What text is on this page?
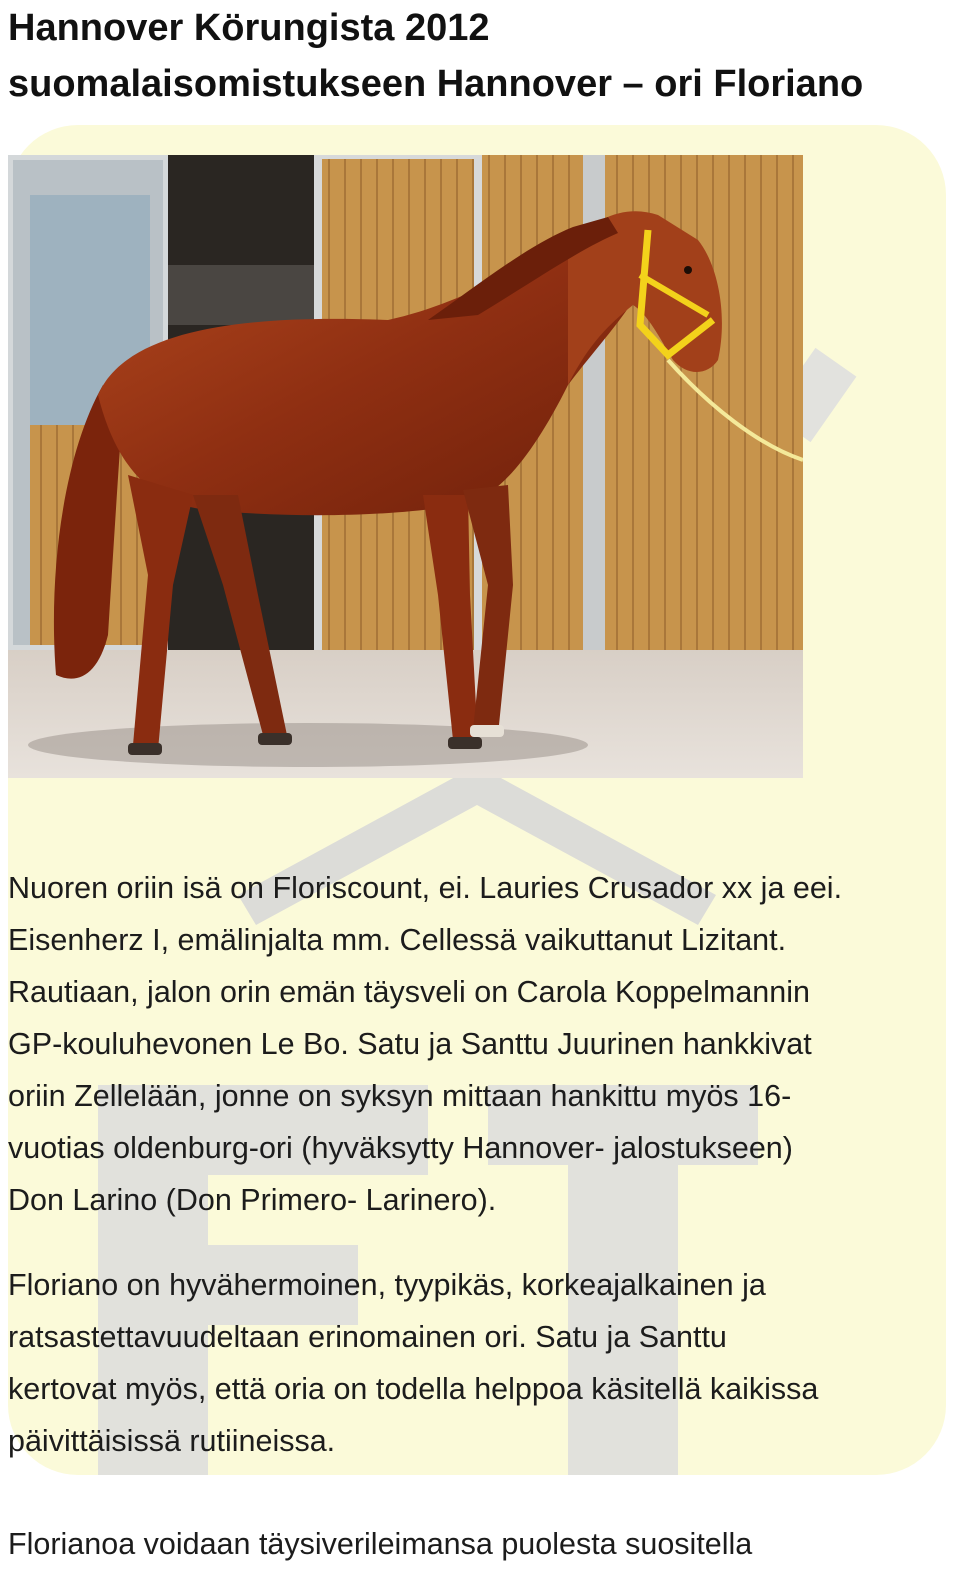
Hannover Körungista 2012
suomalaisomistukseen Hannover – ori Floriano
Nuoren oriin isä on Floriscount, ei. Lauries Crusador xx ja eei.
Eisenherz I, emälinjalta mm. Cellessä vaikuttanut Lizitant.
Rautiaan, jalon orin emän täysveli on Carola Koppelmannin
GP-kouluhevonen Le Bo. Satu ja Santtu Juurinen hankkivat
oriin Zellelään, jonne on syksyn mittaan hankittu myös 16-
vuotias oldenburg-ori (hyväksytty Hannover- jalostukseen)
Don Larino (Don Primero- Larinero).
Floriano on hyvähermoinen, tyypikäs, korkeajalkainen ja
ratsastettavuudeltaan erinomainen ori. Satu ja Santtu
kertovat myös, että oria on todella helppoa käsitellä kaikissa
päivittäisissä rutiineissa.
Florianoa voidaan täysiverileimansa puolesta suositella
